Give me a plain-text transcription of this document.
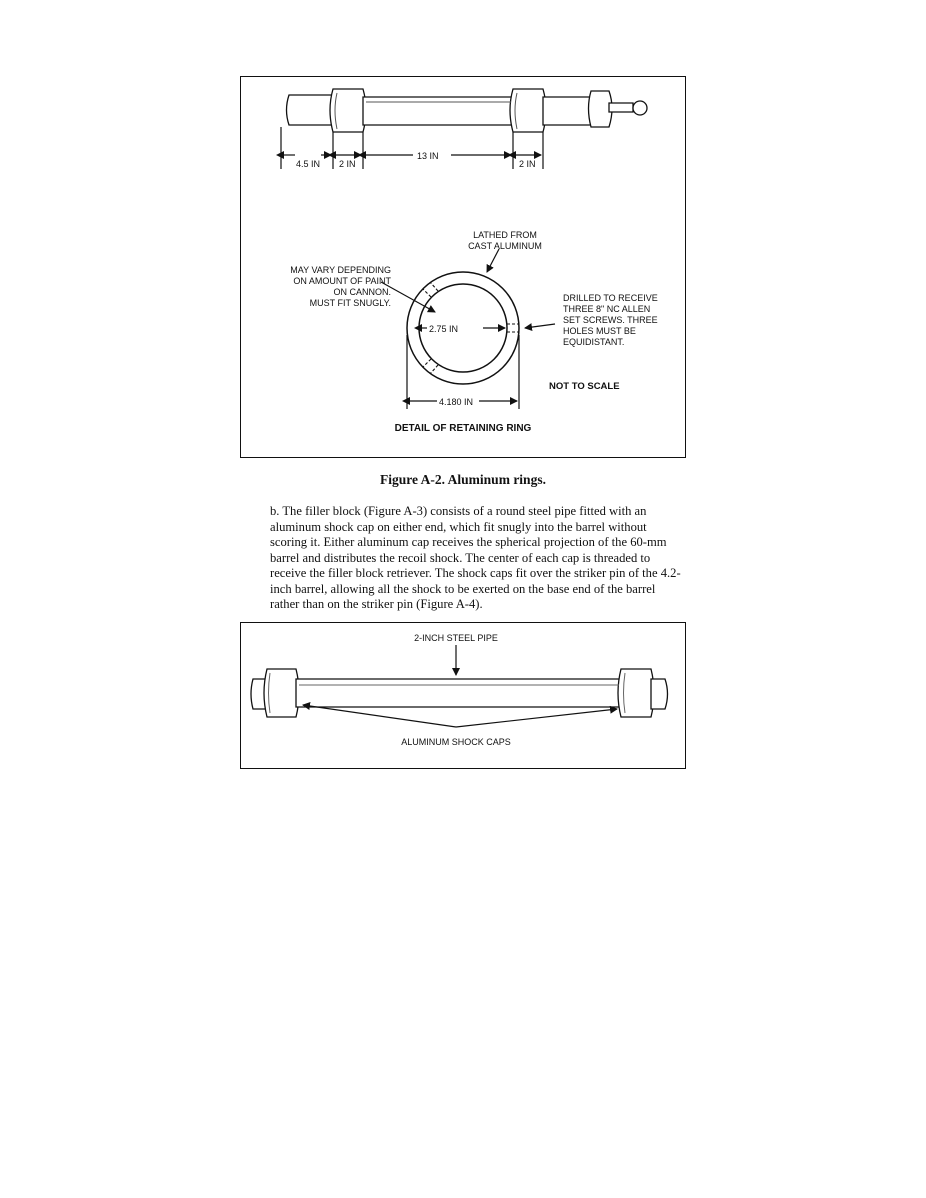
4.5 IN 2 IN
13 IN
2 IN
2.75 IN
4.180 IN
LATHED FROM
CAST ALUMINUM
MAY VARY DEPENDING
ON AMOUNT OF PAINT
ON CANNON.
MUST FIT SNUGLY.	DRILLED TO RECEIVE
THREE 8" NC ALLEN
SET SCREWS. THREE
HOLES MUST BE
EQUIDISTANT.
NOT TO SCALE
DETAIL OF RETAINING RING
Figure A-2. Aluminum rings.

b. The filler block (Figure A-3) consists of a round steel pipe fitted with an

aluminum shock cap on either end, which fit snugly into the barrel without

scoring it. Either aluminum cap receives the spherical projection of the 60-mm

barrel and distributes the recoil shock. The center of each cap is threaded to

receive the filler block retriever. The shock caps fit over the striker pin of the 4.2-

inch barrel, allowing all the shock to be exerted on the base end of the barrel

rather than on the striker pin (Figure A-4).

2-INCH STEEL PIPE
ALUMINUM SHOCK CAPS
